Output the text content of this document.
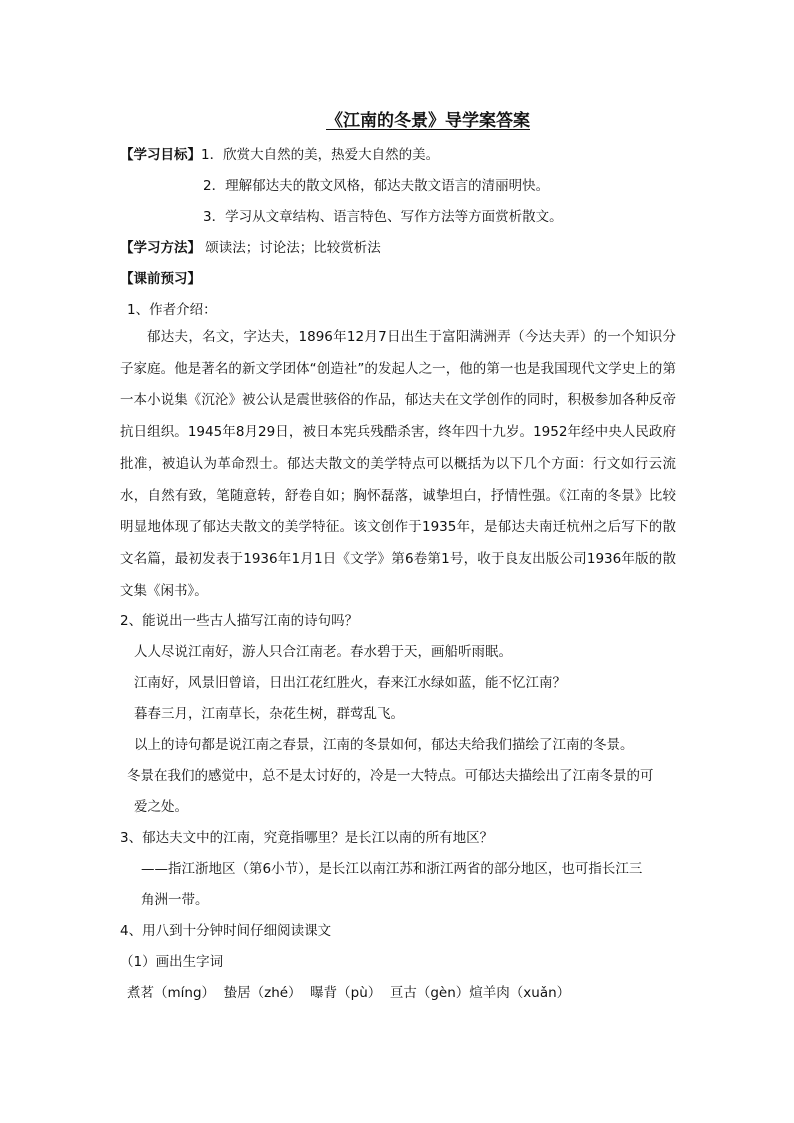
《江南的冬景》导学案答案
【学习目标】1．欣赏大自然的美，热爱大自然的美。
2．理解郁达夫的散文风格，郁达夫散文语言的清丽明快。
3．学习从文章结构、语言特色、写作方法等方面赏析散文。
【学习方法】 颂读法；讨论法；比较赏析法
【课前预习】
1、作者介绍：

郁达夫，名文，字达夫，1896年12月7日出生于富阳满洲弄（今达夫弄）的一个知识分子家庭。他是著名的新文学团体“创造社”的发起人之一，他的第一也是我国现代文学史上的第一本小说集《沉沦》被公认是震世骇俗的作品，郁达夫在文学创作的同时，积极参加各种反帝抗日组织。1945年8月29日，被日本宪兵残酷杀害，终年四十九岁。1952年经中央人民政府批准，被追认为革命烈士。郁达夫散文的美学特点可以概括为以下几个方面：行文如行云流水，自然有致，笔随意转，舒卷自如；胸怀磊落，诚挚坦白，抒情性强。《江南的冬景》比较明显地体现了郁达夫散文的美学特征。该文创作于1935年，是郁达夫南迁杭州之后写下的散文名篇，最初发表于1936年1月1日《文学》第6卷第1号，收于良友出版公司1936年版的散文集《闲书》。

2、能说出一些古人描写江南的诗句吗？
人人尽说江南好，游人只合江南老。春水碧于天，画船听雨眠。
江南好，风景旧曾谙，日出江花红胜火，春来江水绿如蓝，能不忆江南？
暮春三月，江南草长，杂花生树，群莺乱飞。
以上的诗句都是说江南之春景，江南的冬景如何，郁达夫给我们描绘了江南的冬景。
冬景在我们的感觉中，总不是太讨好的，冷是一大特点。可郁达夫描绘出了江南冬景的可
爱之处。
3、郁达夫文中的江南，究竟指哪里？是长江以南的所有地区？
——指江浙地区（第6小节），是长江以南江苏和浙江两省的部分地区，也可指长江三
角洲一带。
4、用八到十分钟时间仔细阅读课文
（1）画出生字词
煮茗（míng）  蛰居（zhé）  曝背（pù）  亘古（gèn）煊羊肉（xuǎn）
